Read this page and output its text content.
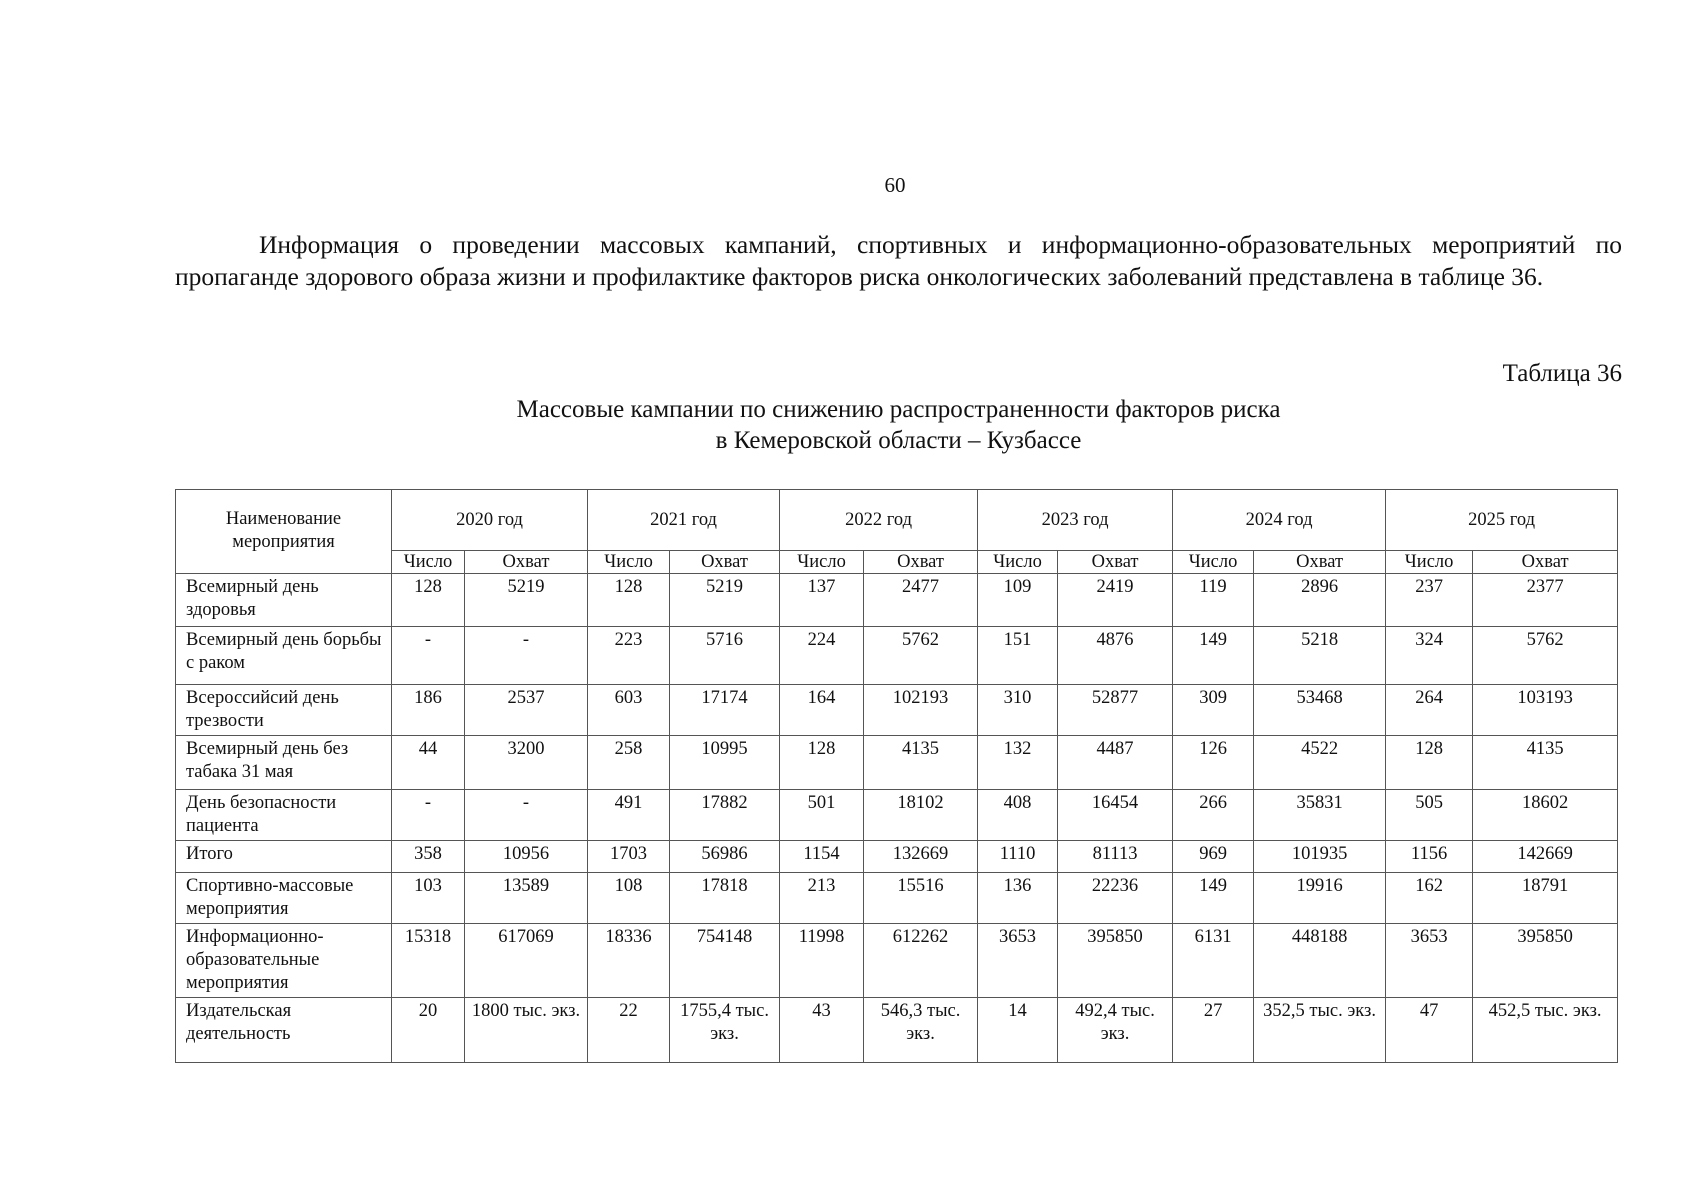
60

Информация о проведении массовых кампаний, спортивных и информационно-образовательных мероприятий по пропаганде здорового образа жизни и профилактике факторов риска онкологических заболеваний представлена в таблице 36.

Таблица 36
Массовые кампании по снижению распространенности факторов риска
в Кемеровской области – Кузбассе
Наименование мероприятия	2020 год		2021 год		2022 год		2023 год		2024 год		2025 год	
	Число	Охват	Число	Охват	Число	Охват	Число	Охват	Число	Охват	Число	Охват
Всемирный день здоровья	128	5219	128	5219	137	2477	109	2419	119	2896	237	2377
Всемирный день борьбы с раком	-	-	223	5716	224	5762	151	4876	149	5218	324	5762
Всероссийсий день трезвости	186	2537	603	17174	164	102193	310	52877	309	53468	264	103193
Всемирный день без табака 31 мая	44	3200	258	10995	128	4135	132	4487	126	4522	128	4135
День безопасности пациента	-	-	491	17882	501	18102	408	16454	266	35831	505	18602
Итого	358	10956	1703	56986	1154	132669	1110	81113	969	101935	1156	142669
Спортивно-массовые мероприятия	103	13589	108	17818	213	15516	136	22236	149	19916	162	18791
Информационно-образовательные мероприятия	15318	617069	18336	754148	11998	612262	3653	395850	6131	448188	3653	395850
Издательская деятельность	20	1800 тыс. экз.	22	1755,4 тыс. экз.	43	546,3 тыс. экз.	14	492,4 тыс. экз.	27	352,5 тыс. экз.	47	452,5 тыс. экз.
